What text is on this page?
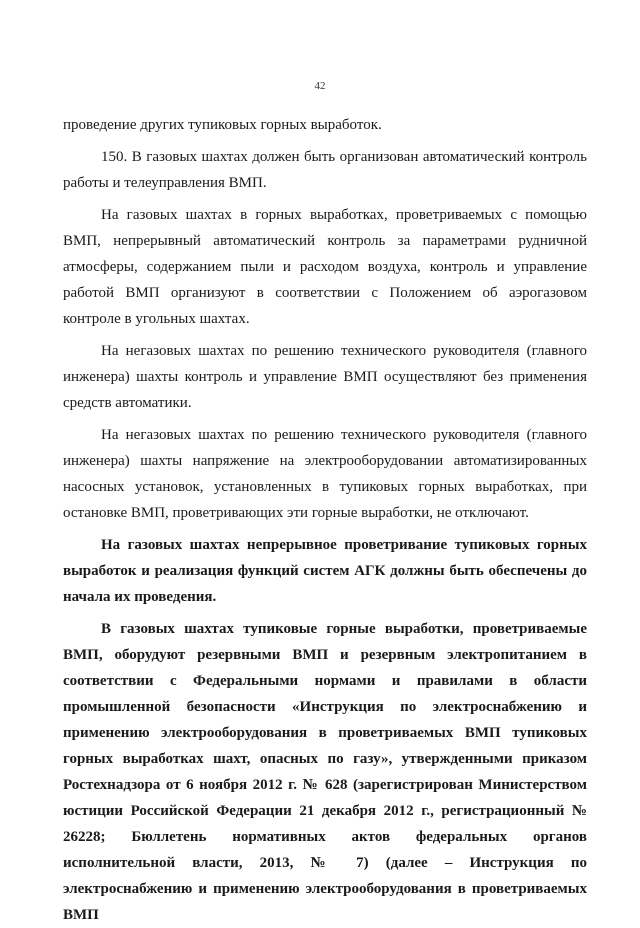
42

проведение других тупиковых горных выработок.

150. В газовых шахтах должен быть организован автоматический контроль работы и телеуправления ВМП.

На газовых шахтах в горных выработках, проветриваемых с помощью ВМП, непрерывный автоматический контроль за параметрами рудничной атмосферы, содержанием пыли и расходом воздуха, контроль и управление работой ВМП организуют в соответствии с Положением об аэрогазовом контроле в угольных шахтах.

На негазовых шахтах по решению технического руководителя (главного инженера) шахты контроль и управление ВМП осуществляют без применения средств автоматики.

На негазовых шахтах по решению технического руководителя (главного инженера) шахты напряжение на электрооборудовании автоматизированных насосных установок, установленных в тупиковых горных выработках, при остановке ВМП, проветривающих эти горные выработки, не отключают.

На газовых шахтах непрерывное проветривание тупиковых горных выработок и реализация функций систем АГК должны быть обеспечены до начала их проведения.

В газовых шахтах тупиковые горные выработки, проветриваемые ВМП, оборудуют резервными ВМП и резервным электропитанием в соответствии с Федеральными нормами и правилами в области промышленной безопасности «Инструкция по электроснабжению и применению электрооборудования в проветриваемых ВМП тупиковых горных выработках шахт, опасных по газу», утвержденными приказом Ростехнадзора от 6 ноября 2012 г. № 628 (зарегистрирован Министерством юстиции Российской Федерации 21 декабря 2012 г., регистрационный № 26228; Бюллетень нормативных актов федеральных органов исполнительной власти, 2013, № 7) (далее – Инструкция по электроснабжению и применению электрооборудования в проветриваемых ВМП
